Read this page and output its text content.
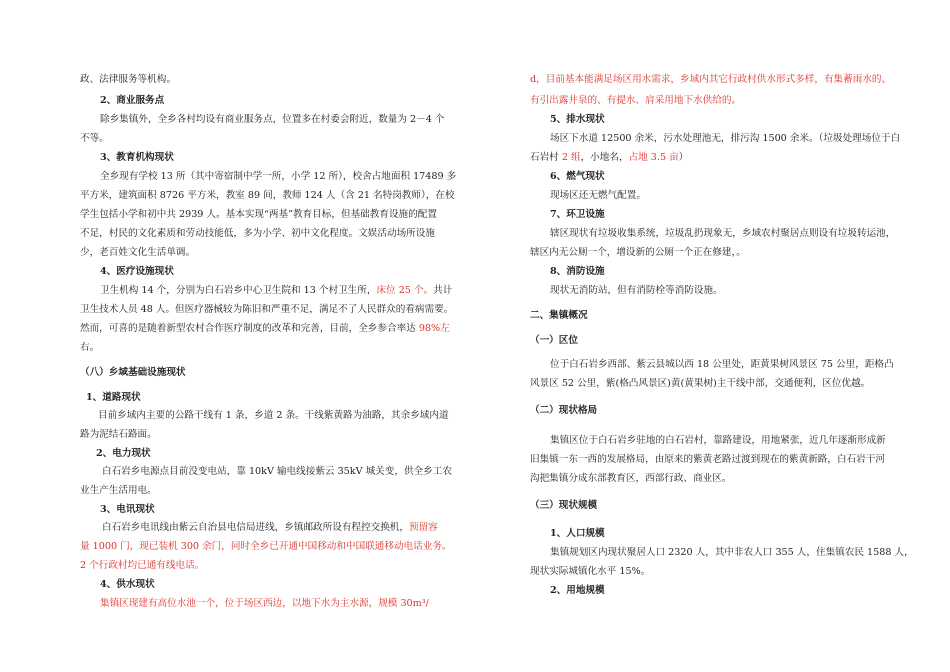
政、法律服务等机构。
2、商业服务点
除乡集镇外，全乡各村均设有商业服务点，位置多在村委会附近，数量为 2－4 个
不等。
3、教育机构现状
全乡现有学校 13 所（其中寄宿制中学一所，小学 12 所），校舍占地面积 17489 多
平方米，建筑面积 8726 平方米，教室 89 间，教师 124 人（含 21 名特岗教师），在校
学生包括小学和初中共 2939 人。基本实现“两基”教育目标，但基础教育设施的配置
不足，村民的文化素质和劳动技能低，多为小学、初中文化程度。文娱活动场所设施
少，老百姓文化生活单调。
4、医疗设施现状
卫生机构 14 个，分别为白石岩乡中心卫生院和 13 个村卫生所，床位 25 个。共计
卫生技术人员 48 人。但医疗器械较为陈旧和严重不足，满足不了人民群众的看病需要。
然而，可喜的是随着新型农村合作医疗制度的改革和完善，目前，全乡参合率达 98%左
右。
（八）乡域基础设施现状
1、道路现状
目前乡域内主要的公路干线有 1 条，乡道 2 条。干线紫黄路为油路，其余乡域内道
路为泥结石路面。
2、电力现状
白石岩乡电源点目前没变电站，靠 10kV 输电线接紫云 35kV 城关变，供全乡工农
业生产生活用电。
3、电讯现状
白石岩乡电讯线由紫云自治县电信局进线，乡镇邮政所设有程控交换机，预留容
量 1000 门，现已装机 300 余门，同时全乡已开通中国移动和中国联通移动电话业务。
2 个行政村均已通有线电话。
4、供水现状
集镇区现建有高位水池一个，位于场区西边，以地下水为主水源，规模 30m³/
d，目前基本能满足场区用水需求，乡域内其它行政村供水形式多样，有集蓄雨水的、
有引出露井泉的、有提水、肩采用地下水供给的。
5、排水现状
场区下水道 12500 余米，污水处理池无，排污沟 1500 余米。（垃圾处理场位于白
石岩村 2 组，小地名，占地 3.5 亩）
6、燃气现状
现场区还无燃气配置。
7、环卫设施
辖区现状有垃圾收集系统，垃圾乱扔现象无，乡域农村聚居点则设有垃圾转运池，
辖区内无公厕一个，增设新的公厕一个正在修建，。
8、消防设施
现状无消防站，但有消防栓等消防设施。
二、集镇概况
（一）区位
位于白石岩乡西部、紫云县城以西 18 公里处，距黄果树风景区 75 公里，距格凸
风景区 52 公里，紫(格凸风景区)黄(黄果树)主干线中部，交通便利，区位优越。
（二）现状格局
集镇区位于白石岩乡驻地的白石岩村，靠路建设，用地紧张，近几年逐渐形成新
旧集镇一东一西的发展格局，由原来的紫黄老路过渡到现在的紫黄新路，白石岩干河
沟把集镇分成东部教育区，西部行政、商业区。
（三）现状规模
1、人口规模
集镇规划区内现状聚居人口 2320 人，其中非农人口 355 人，住集镇农民 1588 人，
现状实际城镇化水平 15%。
2、用地规模
